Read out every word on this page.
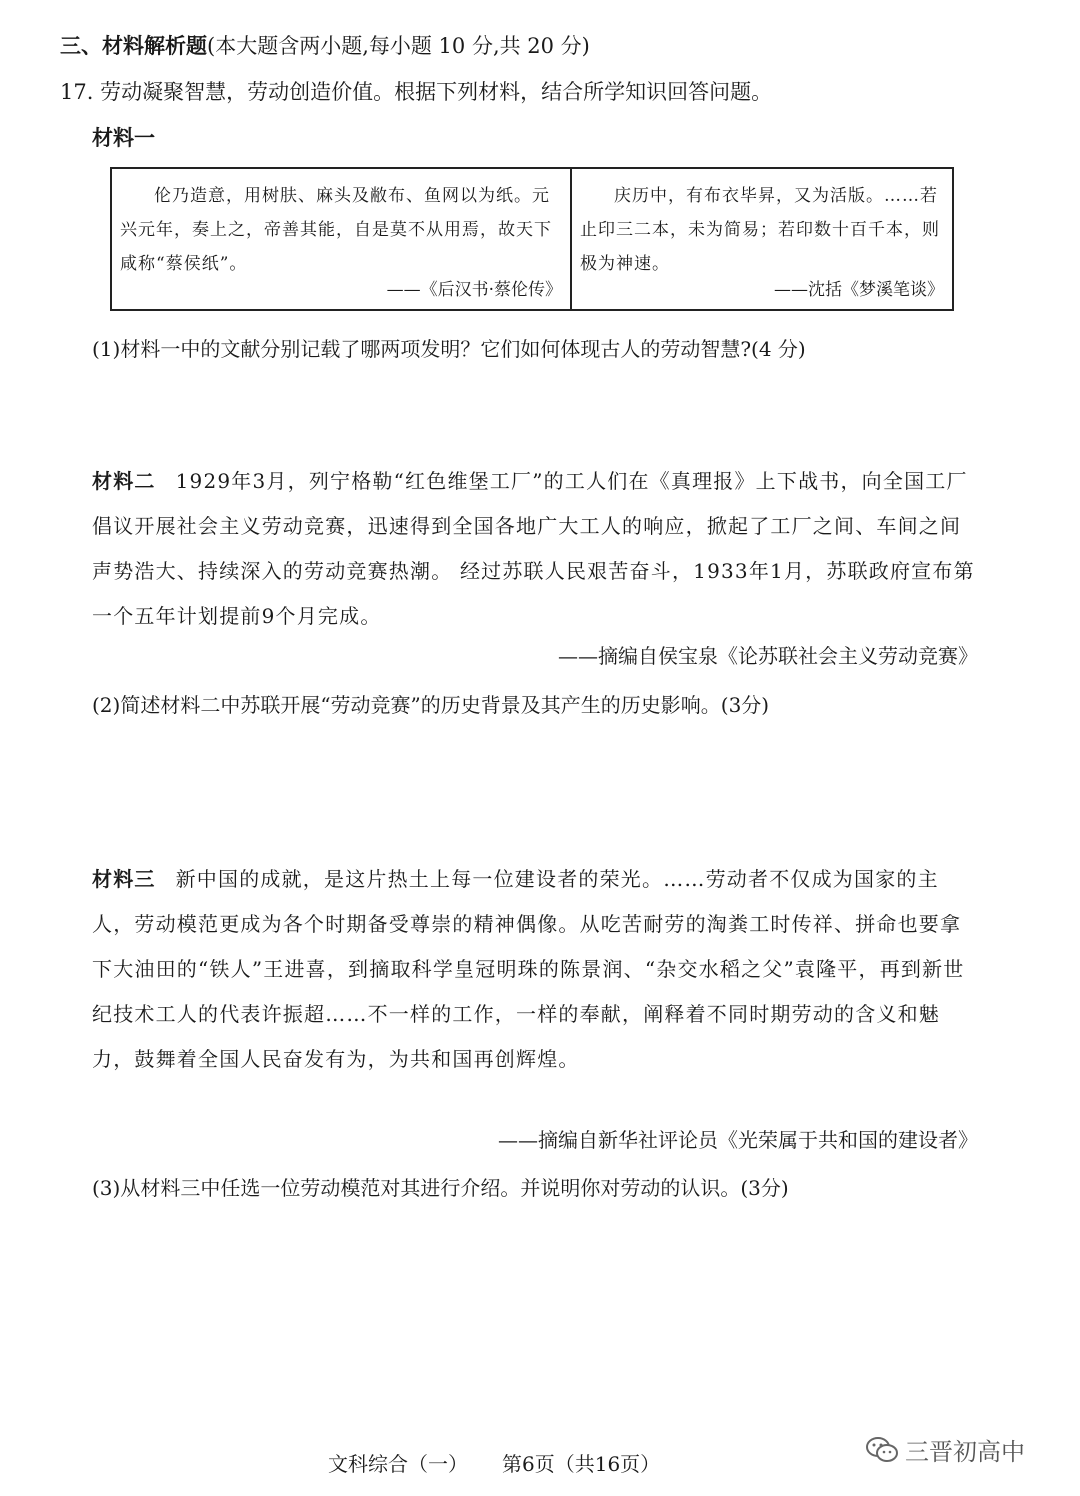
三、材料解析题(本大题含两小题,每小题 10 分,共 20 分)
17. 劳动凝聚智慧，劳动创造价值。根据下列材料，结合所学知识回答问题。
材料一

伦乃造意，用树肤、麻头及敝布、鱼网以为纸。元兴元年，奏上之，帝善其能，自是莫不从用焉，故天下咸称“蔡侯纸”。

——《后汉书·蔡伦传》

庆历中，有布衣毕昇，又为活版。……若止印三二本，未为简易；若印数十百千本，则极为神速。

——沈括《梦溪笔谈》
(1)材料一中的文献分别记载了哪两项发明？它们如何体现古人的劳动智慧?(4 分)
材料二 1929年3月，列宁格勒“红色维堡工厂”的工人们在《真理报》上下战书，向全国工厂倡议开展社会主义劳动竞赛，迅速得到全国各地广大工人的响应，掀起了工厂之间、车间之间声势浩大、持续深入的劳动竞赛热潮。 经过苏联人民艰苦奋斗，1933年1月，苏联政府宣布第一个五年计划提前9个月完成。
——摘编自侯宝泉《论苏联社会主义劳动竞赛》
(2)简述材料二中苏联开展“劳动竞赛”的历史背景及其产生的历史影响。(3分)
材料三 新中国的成就，是这片热土上每一位建设者的荣光。……劳动者不仅成为国家的主人，劳动模范更成为各个时期备受尊崇的精神偶像。从吃苦耐劳的淘粪工时传祥、拼命也要拿下大油田的“铁人”王进喜，到摘取科学皇冠明珠的陈景润、“杂交水稻之父”袁隆平，再到新世纪技术工人的代表许振超……不一样的工作，一样的奉献，阐释着不同时期劳动的含义和魅力，鼓舞着全国人民奋发有为，为共和国再创辉煌。
——摘编自新华社评论员《光荣属于共和国的建设者》
(3)从材料三中任选一位劳动模范对其进行介绍。并说明你对劳动的认识。(3分)
文科综合（一） 第6页（共16页）	三晋初高中
